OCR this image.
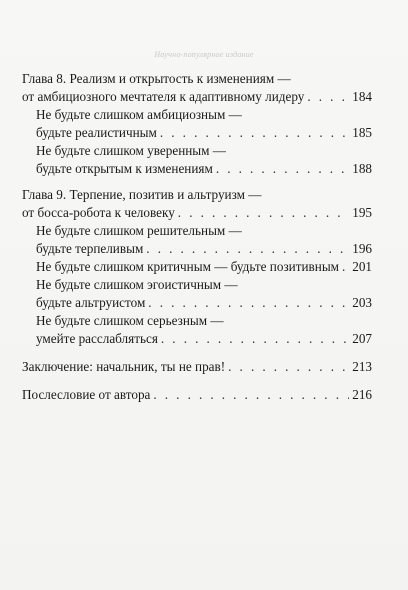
Научно-популярное издание
Глава 8. Реализм и открытость к изменениям —
от амбициозного мечтателя к адаптивному лидеру . . .	184
Не будьте слишком амбициозным —
будьте реалистичным . . .	185
Не будьте слишком уверенным —
будьте открытым к изменениям . . .	188
Глава 9. Терпение, позитив и альтруизм —
от босса-робота к человеку . . .	195
Не будьте слишком решительным —
будьте терпеливым . . .	196
Не будьте слишком критичным — будьте позитивным . . . 201
Не будьте слишком эгоистичным —
будьте альтруистом . . .	203
Не будьте слишком серьезным —
умейте расслабляться . . .	207
Заключение: начальник, ты не прав! . . .	213
Послесловие от автора . . .	216
